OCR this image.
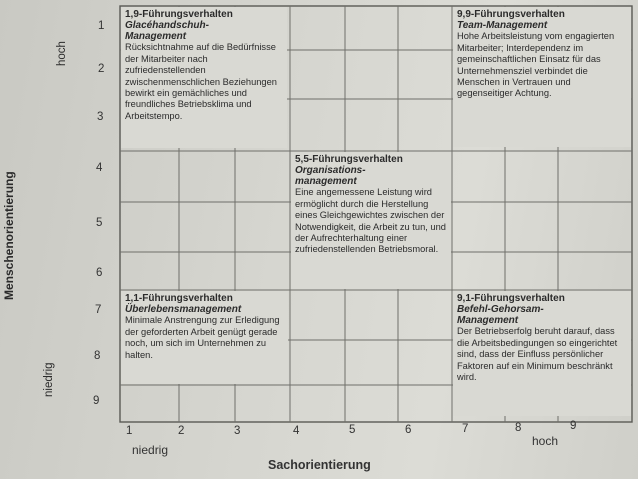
1,9-Führungsverhalten
Glacéhandschuh-
Management
Rücksichtnahme auf die Bedürfnisse der Mitarbeiter nach zufriedenstellenden zwischenmenschlichen Beziehungen bewirkt ein gemächliches und freundliches Betriebsklima und Arbeitstempo.
9,9-Führungsverhalten
Team-Management
Hohe Arbeitsleistung vom engagierten Mitarbeiter; Interdependenz im gemeinschaftlichen Einsatz für das Unternehmensziel verbindet die Menschen in Vertrauen und gegenseitiger Achtung.
5,5-Führungsverhalten
Organisations-
management
Eine angemessene Leistung wird ermöglicht durch die Herstellung eines Gleichgewichtes zwischen der Notwendigkeit, die Arbeit zu tun, und der Aufrechterhaltung einer zufriedenstellenden Betriebsmoral.
1,1-Führungsverhalten
Überlebensmanagement
Minimale Anstrengung zur Erledigung der geforderten Arbeit genügt gerade noch, um sich im Unternehmen zu halten.
9,1-Führungsverhalten
Befehl-Gehorsam-
Management
Der Betriebserfolg beruht darauf, dass die Arbeitsbedingungen so eingerichtet sind, dass der Einfluss persönlicher Faktoren auf ein Minimum beschränkt wird.
1
2
3
4
5
6
7
8
9
1	2	3	4	5	6	7	8	9
niedrig
hoch
Sachorientierung
Menschenorientierung
hoch
niedrig
